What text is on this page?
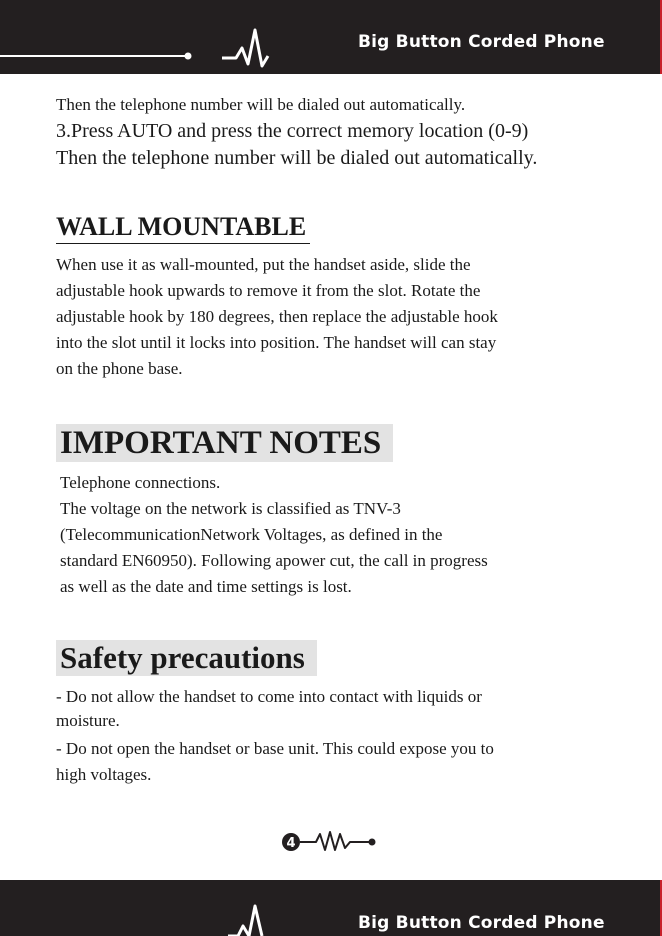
Big Button Corded Phone
Then the telephone number will be dialed out automatically.
3.Press AUTO and press the correct memory location (0-9)
Then the telephone number will be dialed out automatically.
WALL MOUNTABLE
When use it as wall-mounted, put the handset aside, slide the
adjustable hook upwards to remove it from the slot. Rotate the
adjustable hook by 180 degrees, then replace the adjustable hook
into the slot until it locks into position. The handset will can stay
on the phone base.
IMPORTANT NOTES
Telephone connections.
The voltage on the network is classified as TNV-3
(TelecommunicationNetwork Voltages, as defined in the
standard EN60950). Following apower cut, the call in progress
as well as the date and time settings is lost.
Safety precautions
- Do not allow the handset to come into contact with liquids or
moisture.
- Do not open the handset or base unit. This could expose you to
high voltages.
4
Big Button Corded Phone
